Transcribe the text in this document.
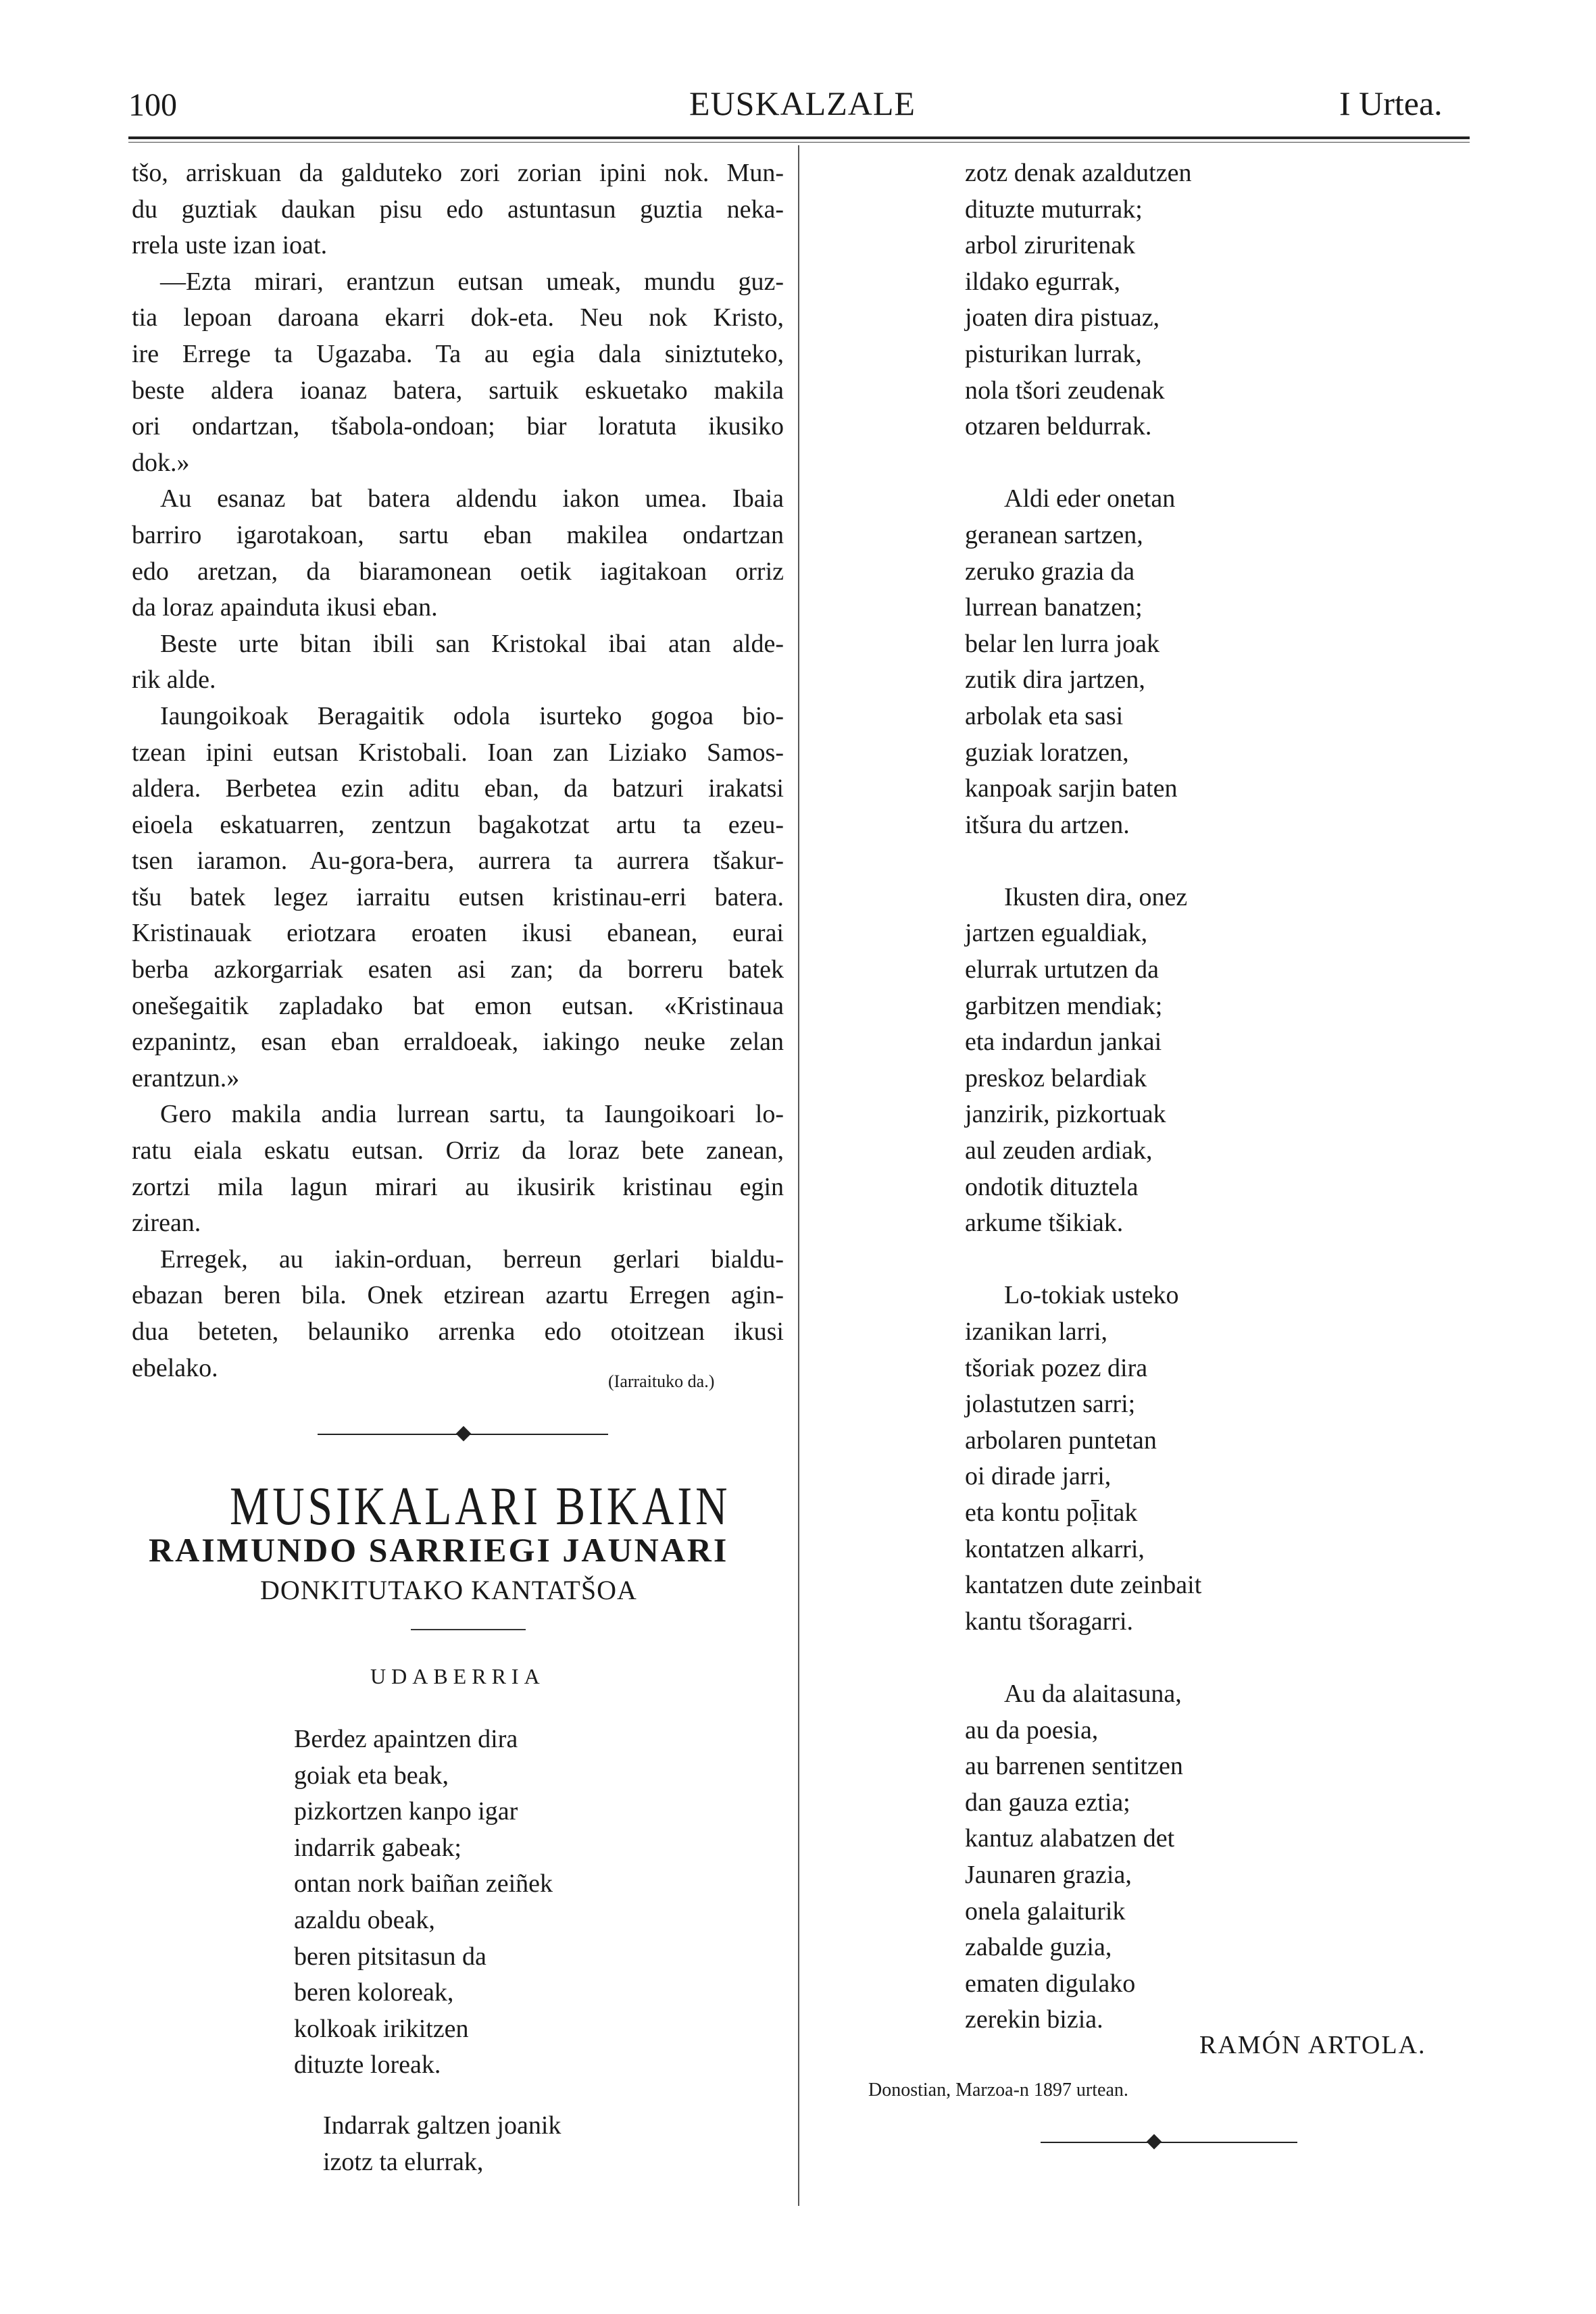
100	EUSKALZALE	I Urtea.
tšo, arriskuan da galduteko zori zorian ipini nok. Mun-
du guztiak daukan pisu edo astuntasun guztia neka-
rrela uste izan ioat.
—Ezta mirari, erantzun eutsan umeak, mundu guz-
tia lepoan daroana ekarri dok-eta. Neu nok Kristo,
ire Errege ta Ugazaba. Ta au egia dala siniztuteko,
beste aldera ioanaz batera, sartuik eskuetako makila
ori ondartzan, tšabola-ondoan; biar loratuta ikusiko
dok.»
Au esanaz bat batera aldendu iakon umea. Ibaia
barriro igarotakoan, sartu eban makilea ondartzan
edo aretzan, da biaramonean oetik iagitakoan orriz
da loraz apainduta ikusi eban.
Beste urte bitan ibili san Kristokal ibai atan alde-
rik alde.
Iaungoikoak Beragaitik odola isurteko gogoa bio-
tzean ipini eutsan Kristobali. Ioan zan Liziako Samos-
aldera. Berbetea ezin aditu eban, da batzuri irakatsi
eioela eskatuarren, zentzun bagakotzat artu ta ezeu-
tsen iaramon. Au-gora-bera, aurrera ta aurrera tšakur-
tšu batek legez iarraitu eutsen kristinau-erri batera.
Kristinauak eriotzara eroaten ikusi ebanean, eurai
berba azkorgarriak esaten asi zan; da borreru batek
onešegaitik zapladako bat emon eutsan. «Kristinaua
ezpanintz, esan eban erraldoeak, iakingo neuke zelan
erantzun.»
Gero makila andia lurrean sartu, ta Iaungoikoari lo-
ratu eiala eskatu eutsan. Orriz da loraz bete zanean,
zortzi mila lagun mirari au ikusirik kristinau egin
zirean.
Erregek, au iakin-orduan, berreun gerlari bialdu-
ebazan beren bila. Onek etzirean azartu Erregen agin-
dua beteten, belauniko arrenka edo otoitzean ikusi
ebelako.	(Iarraituko da.)
MUSIKALARI BIKAIN
RAIMUNDO SARRIEGI JAUNARI
DONKITUTAKO KANTATŠOA
UDABERRIA
Berdez apaintzen dira
goiak eta beak,
pizkortzen kanpo igar
indarrik gabeak;
ontan nork baiñan zeiñek
azaldu obeak,
beren pitsitasun da
beren koloreak,
kolkoak irikitzen
dituzte loreak.
Indarrak galtzen joanik
izotz ta elurrak,
zotz denak azaldutzen
dituzte muturrak;
arbol ziruritenak
ildako egurrak,
joaten dira pistuaz,
pisturikan lurrak,
nola tšori zeudenak
otzaren beldurrak.
Aldi eder onetan
geranean sartzen,
zeruko grazia da
lurrean banatzen;
belar len lurra joak
zutik dira jartzen,
arbolak eta sasi
guziak loratzen,
kanpoak sarjin baten
itšura du artzen.
Ikusten dira, onez
jartzen egualdiak,
elurrak urtutzen da
garbitzen mendiak;
eta indardun jankai
preskoz belardiak
janzirik, pizkortuak
aul zeuden ardiak,
ondotik dituztela
arkume tšikiak.
Lo-tokiak usteko
izanikan larri,
tšoriak pozez dira
jolastutzen sarri;
arbolaren puntetan
oi dirade jarri,
eta kontu poḹitak
kontatzen alkarri,
kantatzen dute zeinbait
kantu tšoragarri.
Au da alaitasuna,
au da poesia,
au barrenen sentitzen
dan gauza eztia;
kantuz alabatzen det
Jaunaren grazia,
onela galaiturik
zabalde guzia,
ematen digulako
zerekin bizia.
RAMÓN ARTOLA.
Donostian, Marzoa-n 1897 urtean.
